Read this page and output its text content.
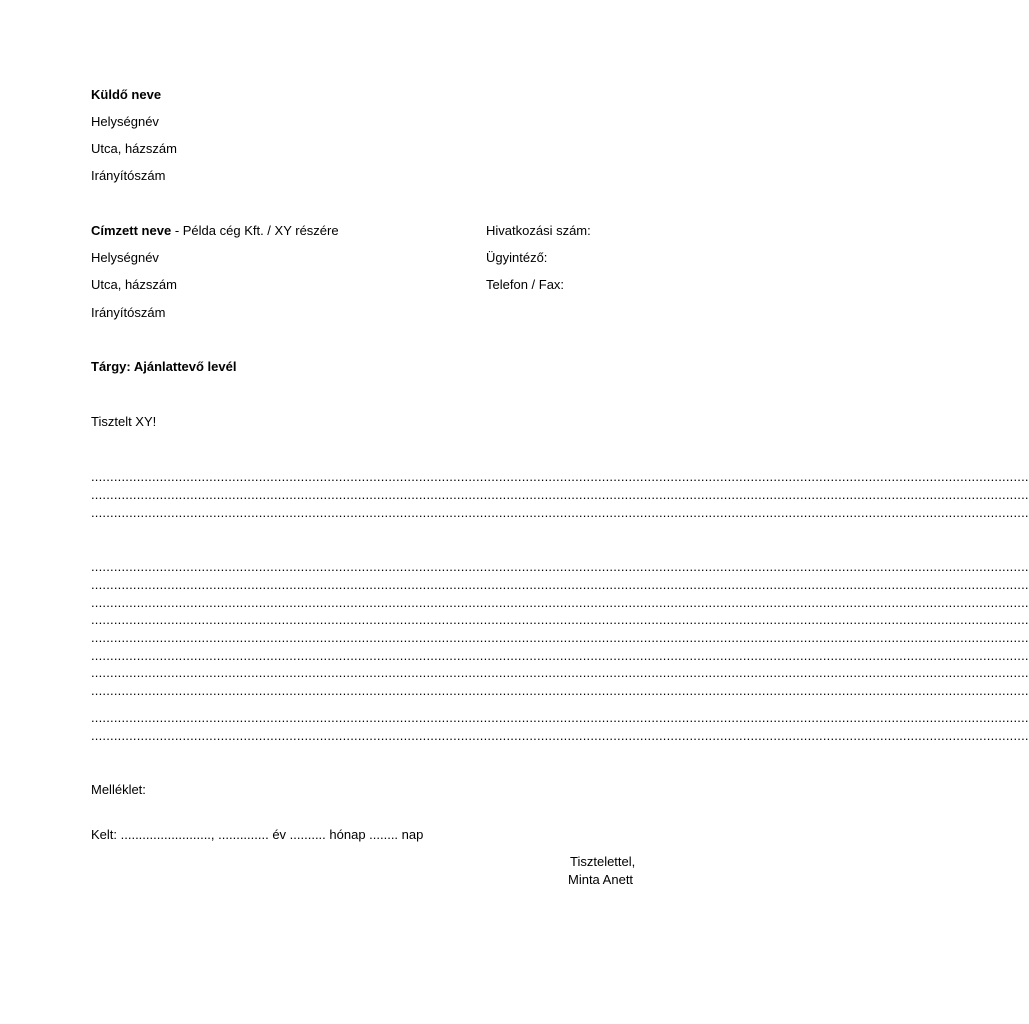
Küldő neve
Helységnév
Utca, házszám
Irányítószám
Címzett neve - Példa cég Kft. / XY részére
Helységnév
Utca, házszám
Irányítószám
Hivatkozási szám:
Ügyintéző:
Telefon / Fax:
Tárgy: Ajánlattevő levél
Tisztelt XY!
......................................................................................................................................................................................................................................................
......................................................................................................................................................................................................................................................
......................................................................................................................................................................................................................................................
......................................................................................................................................................................................................................................................
......................................................................................................................................................................................................................................................
......................................................................................................................................................................................................................................................
......................................................................................................................................................................................................................................................
......................................................................................................................................................................................................................................................
......................................................................................................................................................................................................................................................
......................................................................................................................................................................................................................................................
......................................................................................................................................................................................................................................................
......................................................................................................................................................................................................................................................
......................................................................................................................................................................................................................................................
Melléklet:
Kelt: ........................., .............. év .......... hónap ........ nap
Tisztelettel,
Minta Anett
